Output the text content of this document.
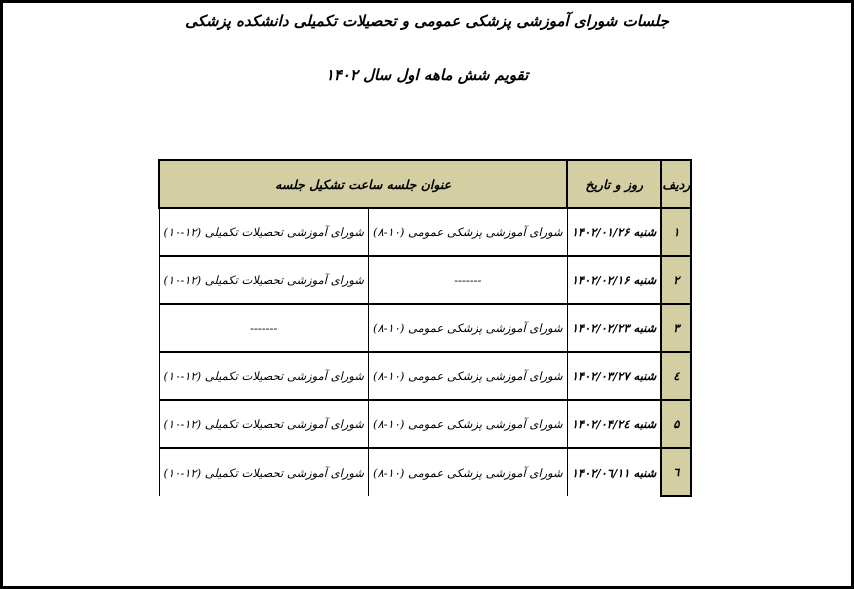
جلسات شورای آموزشی پزشکی عمومی و تحصیلات تکمیلی دانشکده پزشکی
تقویم شش ماهه اول سال ۱۴۰۲
ردیف	روز و تاریخ	عنوان جلسه ساعت تشکیل جلسه	
۱	شنبه ۱۴۰۲/۰۱/۲۶	شورای آموزشی پزشکی عمومی (۱۰-۸)	شورای آموزشی تحصیلات تکمیلی (۱۲-۱۰)
۲	شنبه ۱۴۰۲/۰۲/۱۶	-------	شورای آموزشی تحصیلات تکمیلی (۱۲-۱۰)
۳	شنبه ۱۴۰۲/۰۲/۲۳	شورای آموزشی پزشکی عمومی (۱۰-۸)	-------
٤	شنبه ۱۴۰۲/۰۳/۲۷	شورای آموزشی پزشکی عمومی (۱۰-۸)	شورای آموزشی تحصیلات تکمیلی (۱۲-۱۰)
۵	شنبه ۱۴۰۲/۰۴/۲٤	شورای آموزشی پزشکی عمومی (۱۰-۸)	شورای آموزشی تحصیلات تکمیلی (۱۲-۱۰)
٦	شنبه ۱۴۰۲/۰٦/۱۱	شورای آموزشی پزشکی عمومی (۱۰-۸)	شورای آموزشی تحصیلات تکمیلی (۱۲-۱۰)
